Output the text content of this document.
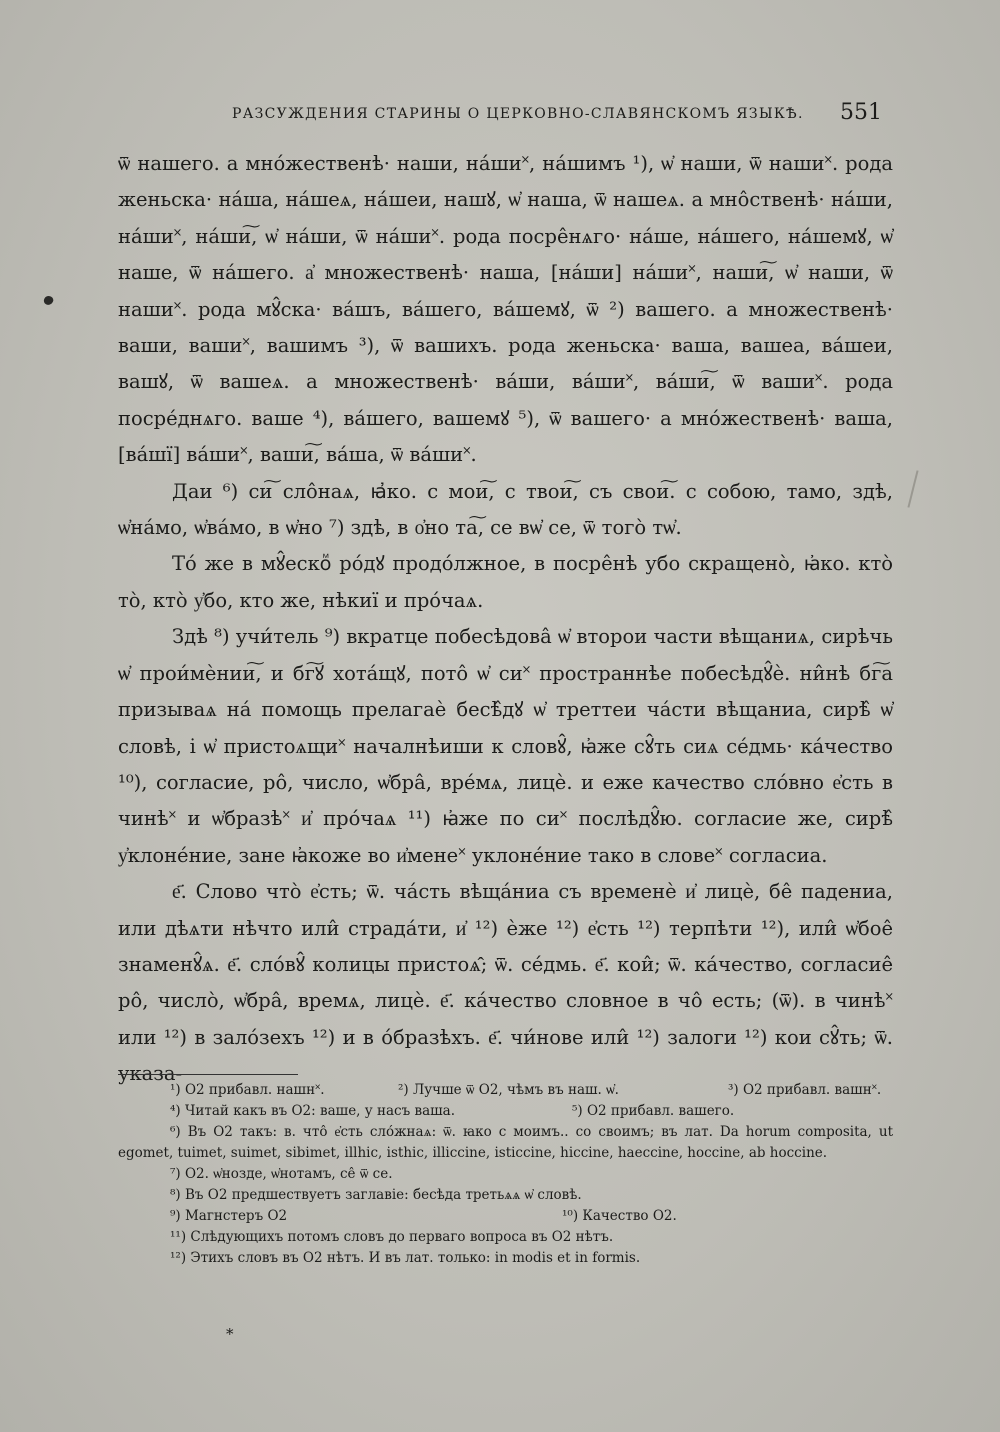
РАЗСУЖДЕНИЯ СТАРИНЫ О ЦЕРКОВНО-СЛАВЯНСКОМЪ ЯЗЫКѢ. 551

ѿ нашего. а мно́жественѣ· наши, на́ши˟, на́шимъ ¹), ѡ҆ наши, ѿ наши˟. рода женьска· на́ша, на́шеѧ, на́шеи, нашꙋ, ѡ҆ наша, ѿ нашеѧ. а мно̂ственѣ· на́ши, на́ши˟, на́ши͠, ѡ҆ на́ши, ѿ на́ши˟. рода посре̂нѧго· на́ше, на́шего, на́шемꙋ, ѡ҆ наше, ѿ на́шего. а҆ множественѣ· наша, [на́ши] на́ши˟, наши͠, ѡ҆ наши, ѿ наши˟. рода мꙋ̂ска· ва́шъ, ва́шего, ва́шемꙋ, ѿ ²) вашего. а множественѣ· ваши, ваши˟, вашимъ ³), ѿ вашихъ. рода женьска· ваша, вашеа, ва́шеи, вашꙋ, ѿ вашеѧ. а множественѣ· ва́ши, ва́ши˟, ва́ши͠, ѿ ваши˟. рода посре́днѧго. ваше ⁴), ва́шего, вашемꙋ ⁵), ѿ вашего· а мно́жественѣ· ваша, [ва́шї] ва́ши˟, ваши͠, ва́ша, ѿ ва́ши˟.

Даи ⁶) си͠ сло̂наѧ, ꙗ҆ко. с мои͠, с твои͠, съ свои͠. с собою, тамо, здѣ, ѡ҆на́мо, ѡ҆ва́мо, в ѡ҆но ⁷) здѣ, в о҆но та͠, се вѡ҆ се, ѿ того̀ тѡ҆.

То́ же в мꙋ̂ескоⷨ ро́дꙋ продо́лжное, в посре̂нѣ убо скращено̀, ꙗ҆ко. кто̀ то̀, кто̀ у҆бо, кто же, нѣкиї и про́чаѧ.

Здѣ ⁸) учи́тель ⁹) вкратце побесѣдова̂ ѡ҆ второи части вѣщаниѧ, сирѣчь ѡ҆ прои́мѐнии͠, и бг͠ꙋ хота́щꙋ, пото̂ ѡ҆ си˟ пространнѣе побесѣдꙋ̂ѐ. ни̂нѣ бг͠а призываѧ на́ помощь прелагаѐ бесѣ̂дꙋ ѡ҆ треттеи ча́сти вѣщаниа, сирѣ̂ ѡ҆ словѣ, і ѡ҆ пристоѧщи˟ началнѣиши к словꙋ̂, ꙗ҆же сꙋ̂ть сиѧ се́дмь· ка́чество ¹⁰), согласие, ро̂, число, ѡ҆бра̂, вре́мѧ, лицѐ. и еже качество сло́вно е҆сть в чинѣ˟ и ѡ҆бразѣ˟ и҆ про́чаѧ ¹¹) ꙗ҆же по си˟ послѣдꙋ̂ю. согласие же, сирѣ̂ у҆клоне́ние, зане ꙗ҆коже во и҆мене˟ уклоне́ние тако в слове˟ согласиа.

е҃. Слово что̀ е҆сть; ѿ. ча́сть вѣща́ниа съ временѐ и҆ лицѐ, бе̂ падениа, или дѣѧти нѣчто или̂ страда́ти, и҆ ¹²) ѐже ¹²) е҆сть ¹²) терпѣти ¹²), или̂ ѡ҆бое̂ знаменꙋ̂ѧ. е҃. сло́вꙋ̂ колицы пристоѧ̂; ѿ. се́дмь. е҃. кои̂; ѿ. ка́чество, согласие̂ ро̂, число̀, ѡ҆бра̂, времѧ, лицѐ. е҃. ка́чество словное в чо̂ есть; (ѿ). в чинѣ˟ или ¹²) в зало́зехъ ¹²) и в о́бразѣхъ. е҃. чи́нове или̂ ¹²) залоги ¹²) кои сꙋ̂ть; ѿ. указа-

¹) О2 прибавл. нашн˟.	²) Лучше ѿ О2, чѣмъ въ наш. ѡ҆.	³) О2 прибавл. вашн˟.

⁴) Читай какъ въ О2: ваше, у насъ ваша.	⁵) О2 прибавл. вашего.

⁶) Въ О2 такъ: в. что̂ е҆сть сло́жнаѧ: ѿ. ꙗко с моимъ.. со своимъ; въ лат. Da horum composita, ut egomet, tuimet, suimet, sibimet, illhic, isthic, illiccine, isticcine, hiccine, haeccine, hoccine, ab hoccine.

⁷) О2. ѡ҆нозде, ѡ҆нотамъ, се̂ ѿ се.

⁸) Въ О2 предшествуетъ заглавіе: бесѣда третьѧѧ ѡ҆ словѣ.

⁹) Магнстеръ О2	¹⁰) Качество О2.

¹¹) Слѣдующихъ потомъ словъ до перваго вопроса въ О2 нѣтъ.

¹²) Этихъ словъ въ О2 нѣтъ. И въ лат. только: in modis et in formis.

*
